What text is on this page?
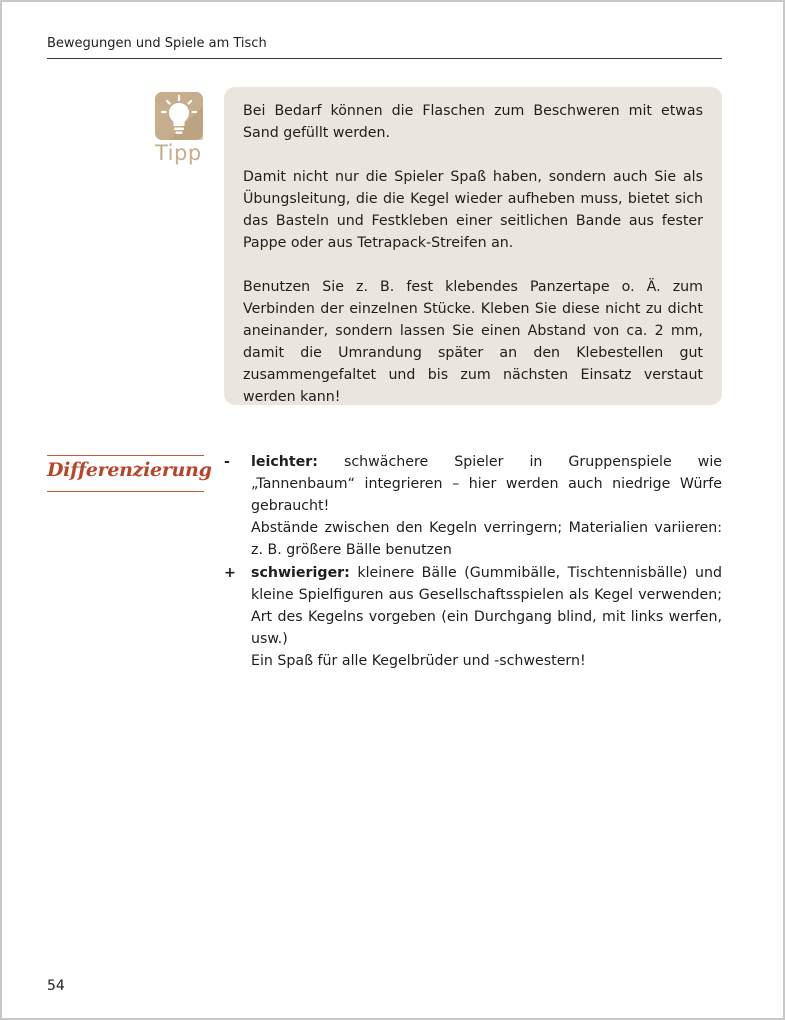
Bewegungen und Spiele am Tisch
Tipp

Bei Bedarf können die Flaschen zum Beschweren mit etwas Sand gefüllt werden.

Damit nicht nur die Spieler Spaß haben, sondern auch Sie als Übungsleitung, die die Kegel wieder aufheben muss, bietet sich das Basteln und Festkleben einer seitlichen Bande aus fester Pappe oder aus Tetrapack-Streifen an.

Benutzen Sie z. B. fest klebendes Panzertape o. Ä. zum Verbinden der einzelnen Stücke. Kleben Sie diese nicht zu dicht aneinander, sondern lassen Sie einen Abstand von ca. 2 mm, damit die Umrandung später an den Klebestellen gut zusammengefaltet und bis zum nächsten Einsatz verstaut werden kann!

Differenzierung - leichter: schwächere Spieler in Gruppenspiele wie „Tannenbaum“ integrieren – hier werden auch niedrige Würfe gebraucht!

Abstände zwischen den Kegeln verringern; Materialien variieren: z. B. größere Bälle benutzen

+ schwieriger: kleinere Bälle (Gummibälle, Tischtennisbälle) und kleine Spielfiguren aus Gesellschaftsspielen als Kegel verwenden; Art des Kegelns vorgeben (ein Durchgang blind, mit links werfen, usw.)

Ein Spaß für alle Kegelbrüder und -schwestern!

54
